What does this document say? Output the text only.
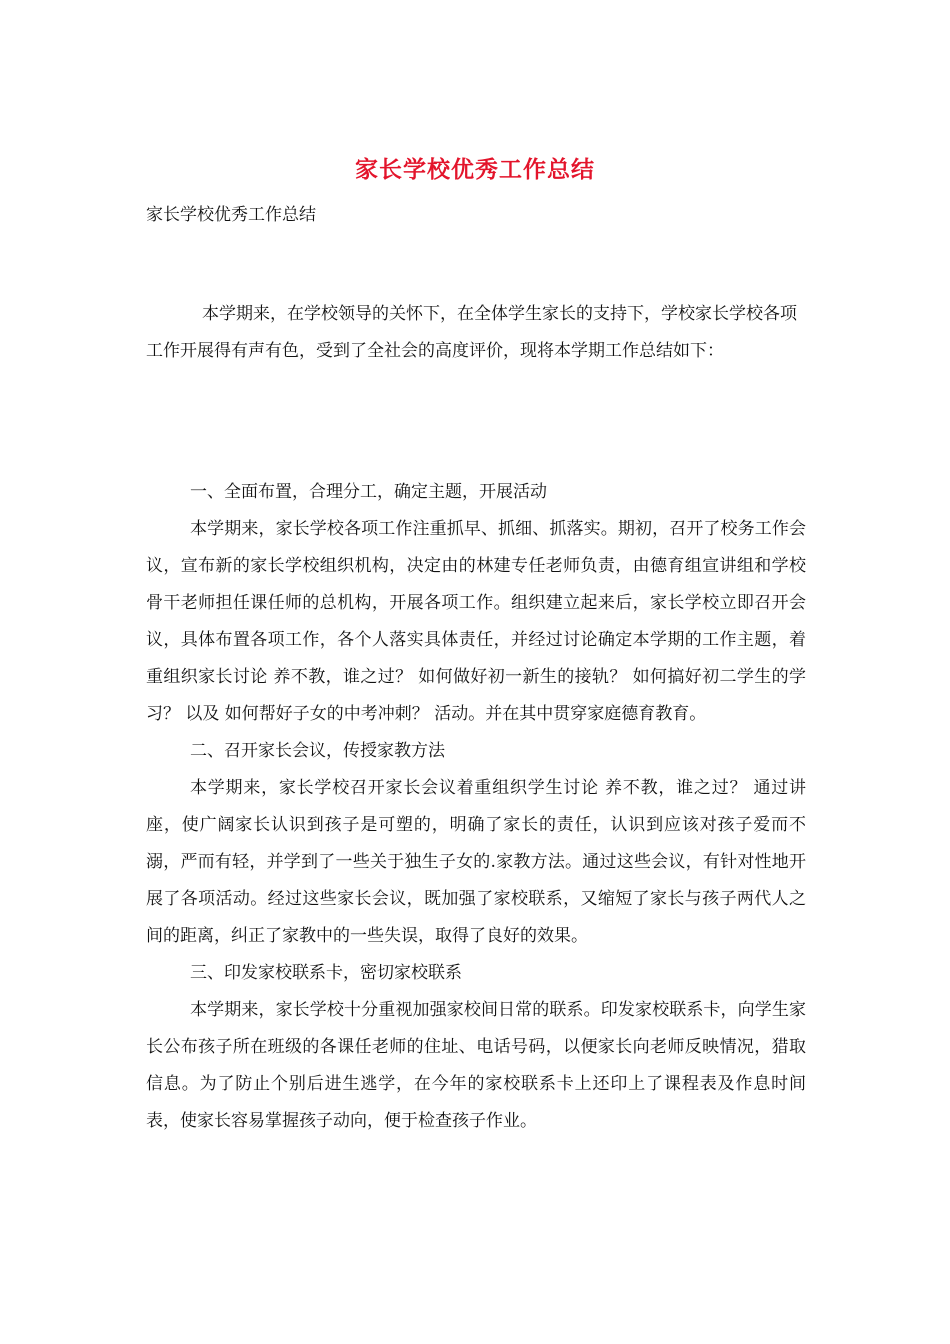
家长学校优秀工作总结

家长学校优秀工作总结

本学期来，在学校领导的关怀下，在全体学生家长的支持下，学校家长学校各项工作开展得有声有色，受到了全社会的高度评价，现将本学期工作总结如下：

一、全面布置，合理分工，确定主题，开展活动

本学期来，家长学校各项工作注重抓早、抓细、抓落实。期初，召开了校务工作会议，宣布新的家长学校组织机构，决定由的林建专任老师负责，由德育组宣讲组和学校骨干老师担任课任师的总机构，开展各项工作。组织建立起来后，家长学校立即召开会议，具体布置各项工作，各个人落实具体责任，并经过讨论确定本学期的工作主题，着重组织家长讨论 养不教，谁之过？ 如何做好初一新生的接轨？ 如何搞好初二学生的学习？ 以及 如何帮好子女的中考冲刺？ 活动。并在其中贯穿家庭德育教育。

二、召开家长会议，传授家教方法

本学期来，家长学校召开家长会议着重组织学生讨论 养不教，谁之过？ 通过讲座，使广阔家长认识到孩子是可塑的，明确了家长的责任，认识到应该对孩子爱而不溺，严而有轻，并学到了一些关于独生子女的.家教方法。通过这些会议，有针对性地开展了各项活动。经过这些家长会议，既加强了家校联系，又缩短了家长与孩子两代人之间的距离，纠正了家教中的一些失误，取得了良好的效果。

三、印发家校联系卡，密切家校联系

本学期来，家长学校十分重视加强家校间日常的联系。印发家校联系卡，向学生家长公布孩子所在班级的各课任老师的住址、电话号码，以便家长向老师反映情况，猎取信息。为了防止个别后进生逃学，在今年的家校联系卡上还印上了课程表及作息时间表，使家长容易掌握孩子动向，便于检查孩子作业。
